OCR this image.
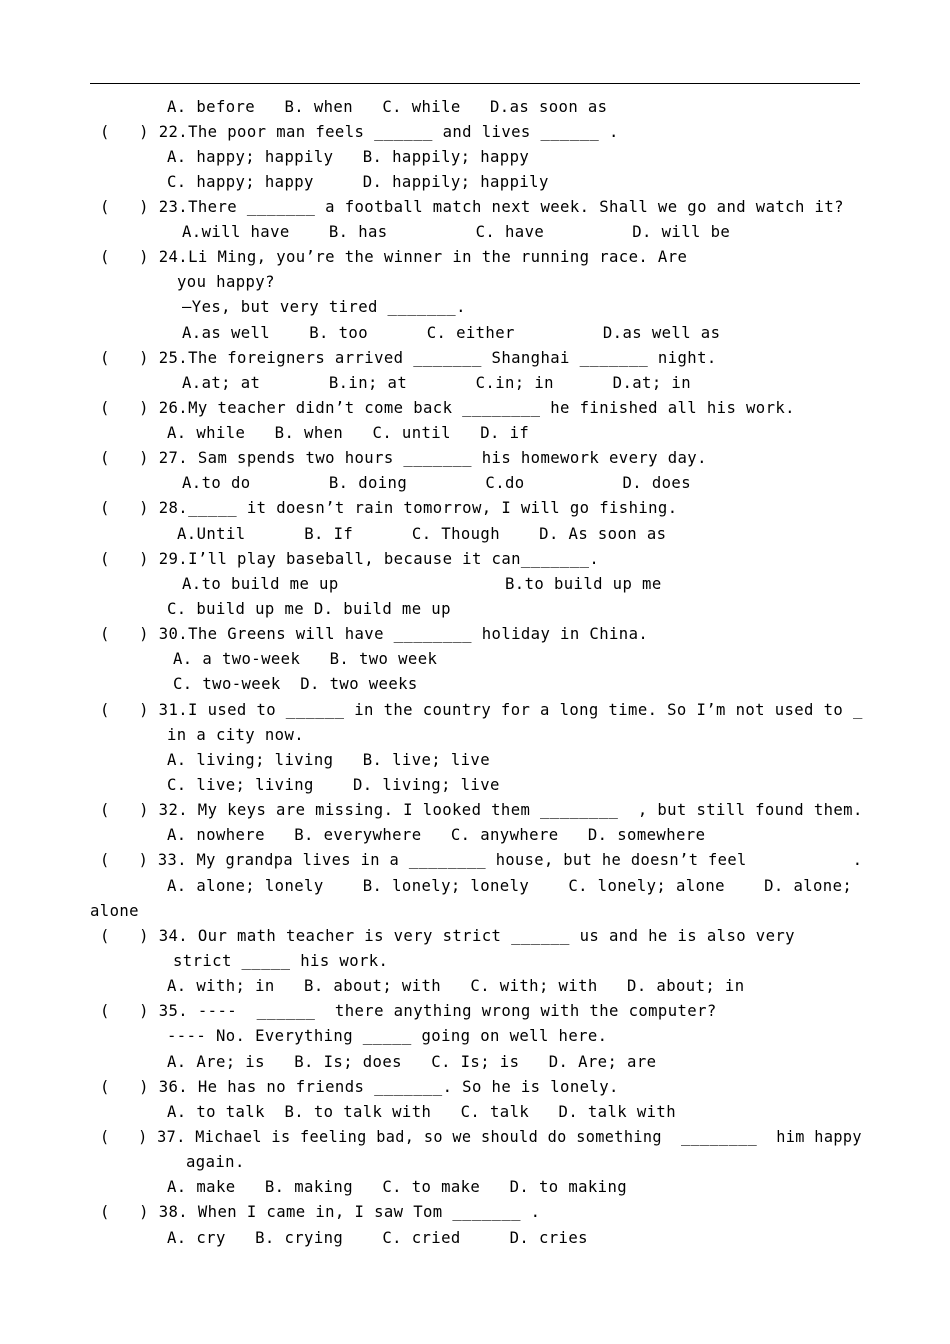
A. before   B. when   C. while   D.as soon as
(   ) 22.The poor man feels ______ and lives ______ .
A. happy; happily   B. happily; happy
C. happy; happy     D. happily; happily
(   ) 23.There _______ a football match next week. Shall we go and watch it?
A.will have    B. has         C. have         D. will be
(   ) 24.Li Ming, you’re the winner in the running race. Are
you happy?
—Yes, but very tired _______.
A.as well    B. too      C. either         D.as well as
(   ) 25.The foreigners arrived _______ Shanghai _______ night.
A.at; at       B.in; at       C.in; in      D.at; in
(   ) 26.My teacher didn’t come back ________ he finished all his work.
A. while   B. when   C. until   D. if
(   ) 27. Sam spends two hours _______ his homework every day.
A.to do        B. doing        C.do          D. does
(   ) 28._____ it doesn’t rain tomorrow, I will go fishing.
A.Until      B. If      C. Though    D. As soon as
(   ) 29.I’ll play baseball, because it can_______.
A.to build me up                 B.to build up me
C. build up me D. build me up
(   ) 30.The Greens will have ________ holiday in China.
A. a two-week   B. two week
C. two-week  D. two weeks
(   ) 31.I used to ______ in the country for a long time. So I’m not used to _
in a city now.
A. living; living   B. live; live
C. live; living    D. living; live
(   ) 32. My keys are missing. I looked them ________  , but still found them.
A. nowhere   B. everywhere   C. anywhere   D. somewhere
(   ) 33. My grandpa lives in a ________ house, but he doesn’t feel           .
A. alone; lonely    B. lonely; lonely    C. lonely; alone    D. alone;
alone
(   ) 34. Our math teacher is very strict ______ us and he is also very
strict _____ his work.
A. with; in   B. about; with   C. with; with   D. about; in
(   ) 35. ----  ______  there anything wrong with the computer?
---- No. Everything _____ going on well here.
A. Are; is   B. Is; does   C. Is; is   D. Are; are
(   ) 36. He has no friends _______. So he is lonely.
A. to talk  B. to talk with   C. talk   D. talk with
(   ) 37. Michael is feeling bad, so we should do something  ________  him happy
again.
A. make   B. making   C. to make   D. to making
(   ) 38. When I came in, I saw Tom _______ .
A. cry   B. crying    C. cried     D. cries
